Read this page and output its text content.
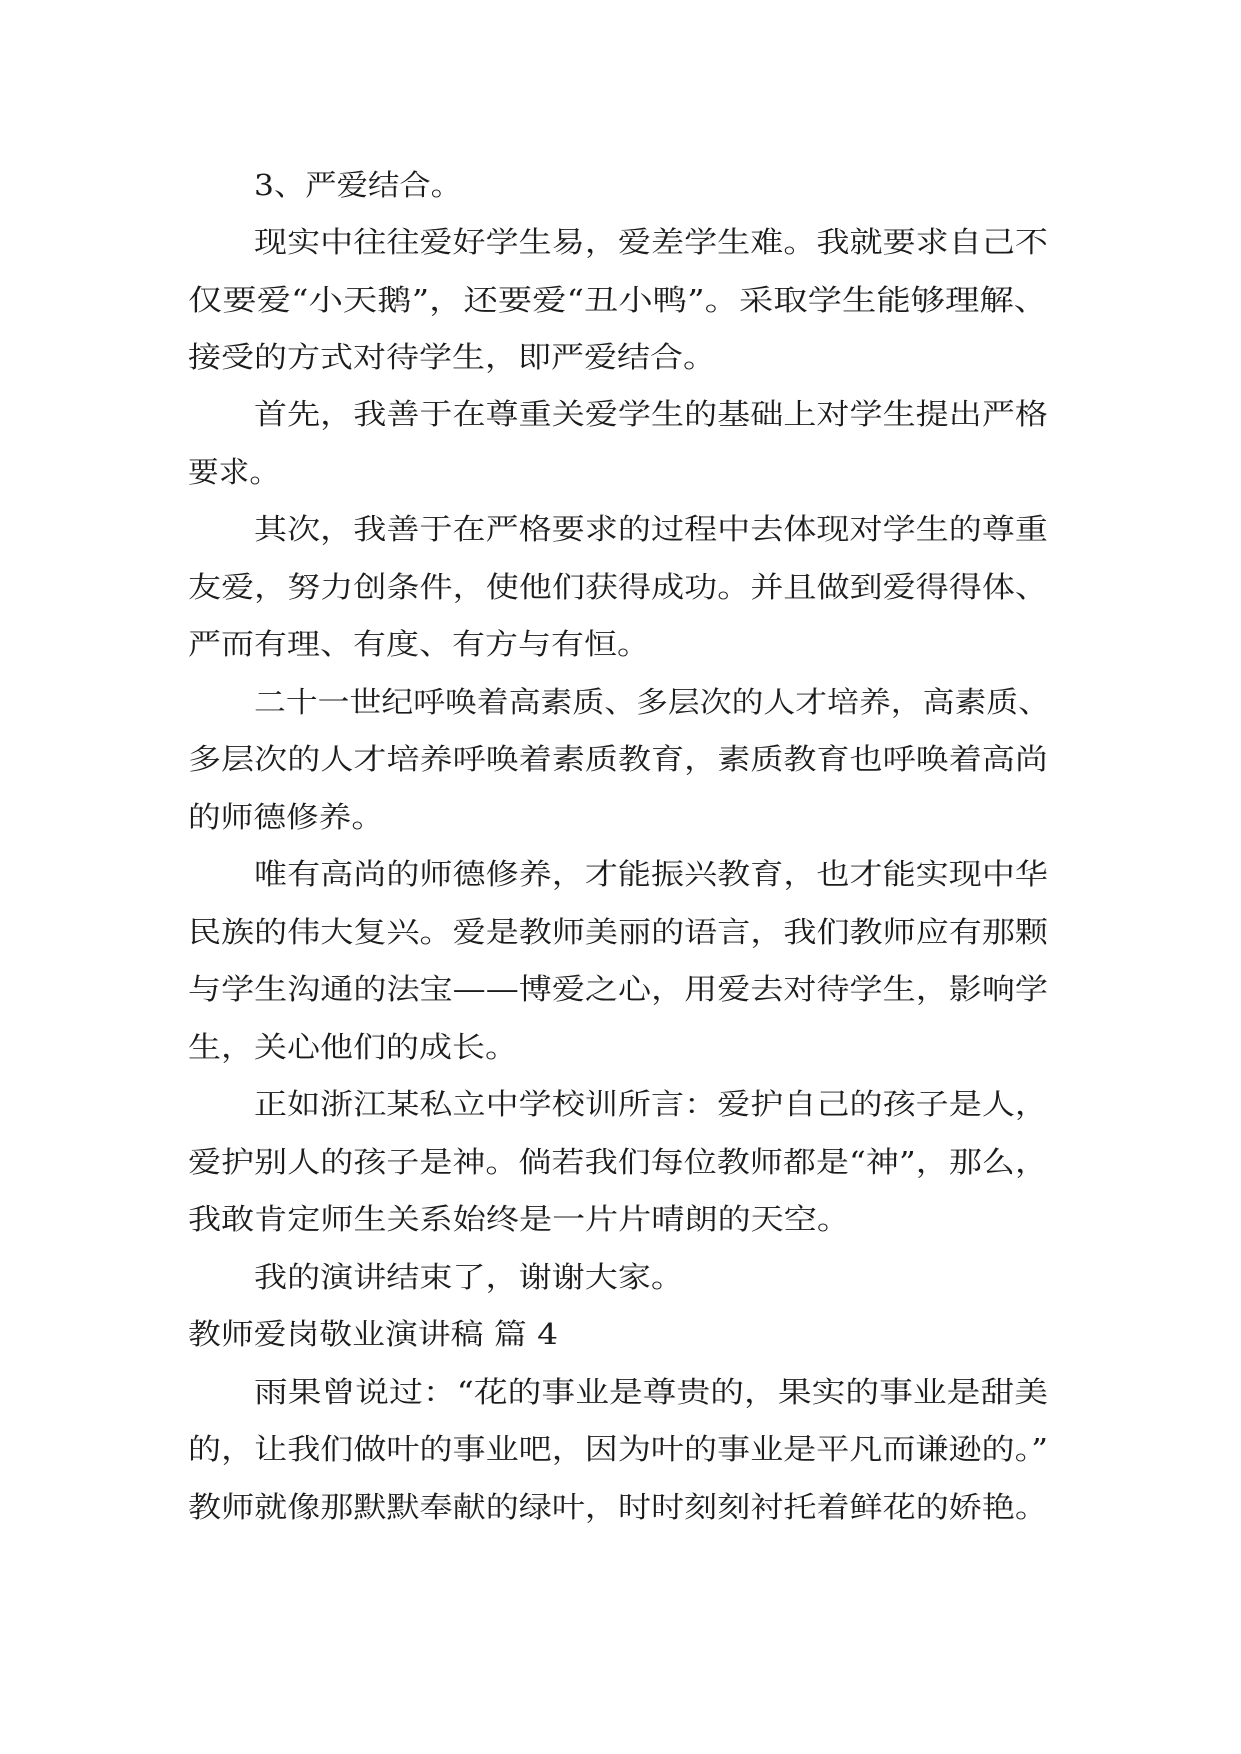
3、严爱结合。
现实中往往爱好学生易，爱差学生难。我就要求自己不
仅要爱“小天鹅”，还要爱“丑小鸭”。采取学生能够理解、
接受的方式对待学生，即严爱结合。
首先，我善于在尊重关爱学生的基础上对学生提出严格
要求。
其次，我善于在严格要求的过程中去体现对学生的尊重
友爱，努力创条件，使他们获得成功。并且做到爱得得体、
严而有理、有度、有方与有恒。
二十一世纪呼唤着高素质、多层次的人才培养，高素质、
多层次的人才培养呼唤着素质教育，素质教育也呼唤着高尚
的师德修养。
唯有高尚的师德修养，才能振兴教育，也才能实现中华
民族的伟大复兴。爱是教师美丽的语言，我们教师应有那颗
与学生沟通的法宝——博爱之心，用爱去对待学生，影响学
生，关心他们的成长。
正如浙江某私立中学校训所言：爱护自己的孩子是人，
爱护别人的孩子是神。倘若我们每位教师都是“神”，那么，
我敢肯定师生关系始终是一片片晴朗的天空。
我的演讲结束了，谢谢大家。
教师爱岗敬业演讲稿 篇 4
雨果曾说过：“花的事业是尊贵的，果实的事业是甜美
的，让我们做叶的事业吧，因为叶的事业是平凡而谦逊的。”
教师就像那默默奉献的绿叶，时时刻刻衬托着鲜花的娇艳。
